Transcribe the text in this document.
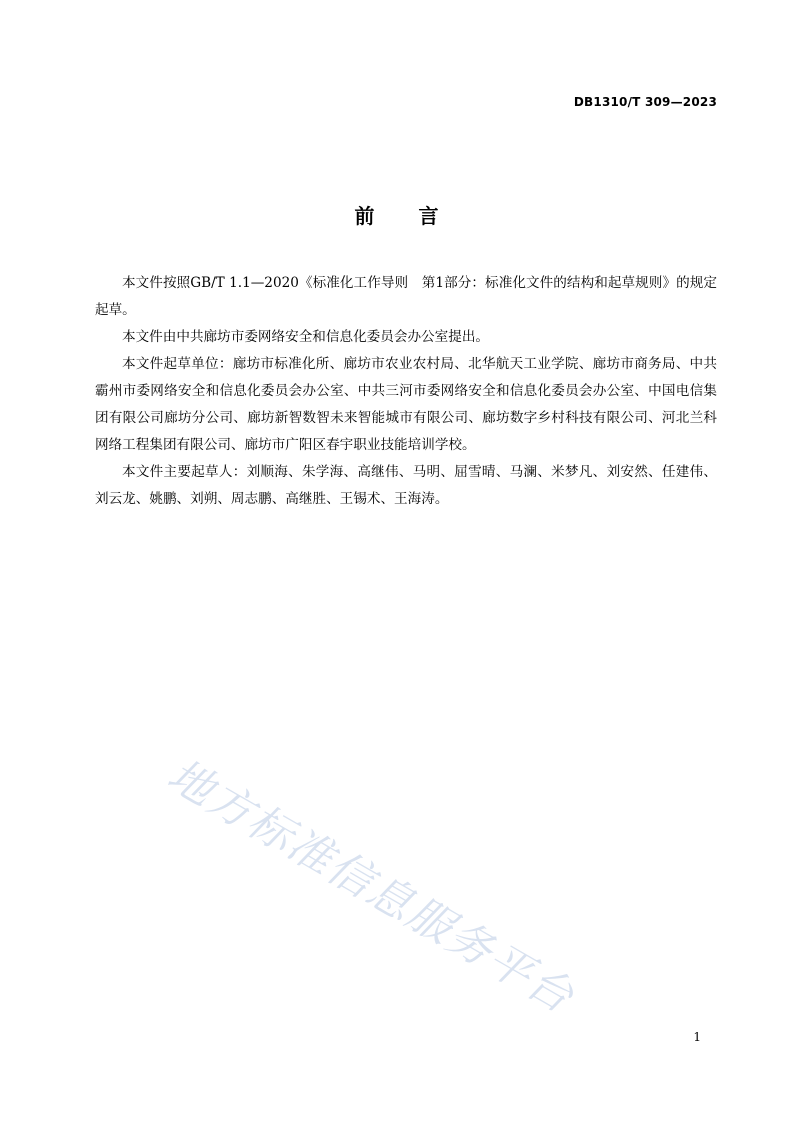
DB1310/T 309—2023
前 言

本文件按照GB/T 1.1—2020《标准化工作导则　第1部分：标准化文件的结构和起草规则》的规定起草。

本文件由中共廊坊市委网络安全和信息化委员会办公室提出。

本文件起草单位：廊坊市标准化所、廊坊市农业农村局、北华航天工业学院、廊坊市商务局、中共霸州市委网络安全和信息化委员会办公室、中共三河市委网络安全和信息化委员会办公室、中国电信集团有限公司廊坊分公司、廊坊新智数智未来智能城市有限公司、廊坊数字乡村科技有限公司、河北兰科网络工程集团有限公司、廊坊市广阳区春宇职业技能培训学校。

本文件主要起草人：刘顺海、朱学海、高继伟、马明、屈雪晴、马澜、米梦凡、刘安然、任建伟、刘云龙、姚鹏、刘朔、周志鹏、高继胜、王锡术、王海涛。

地方标准信息服务平台
1
